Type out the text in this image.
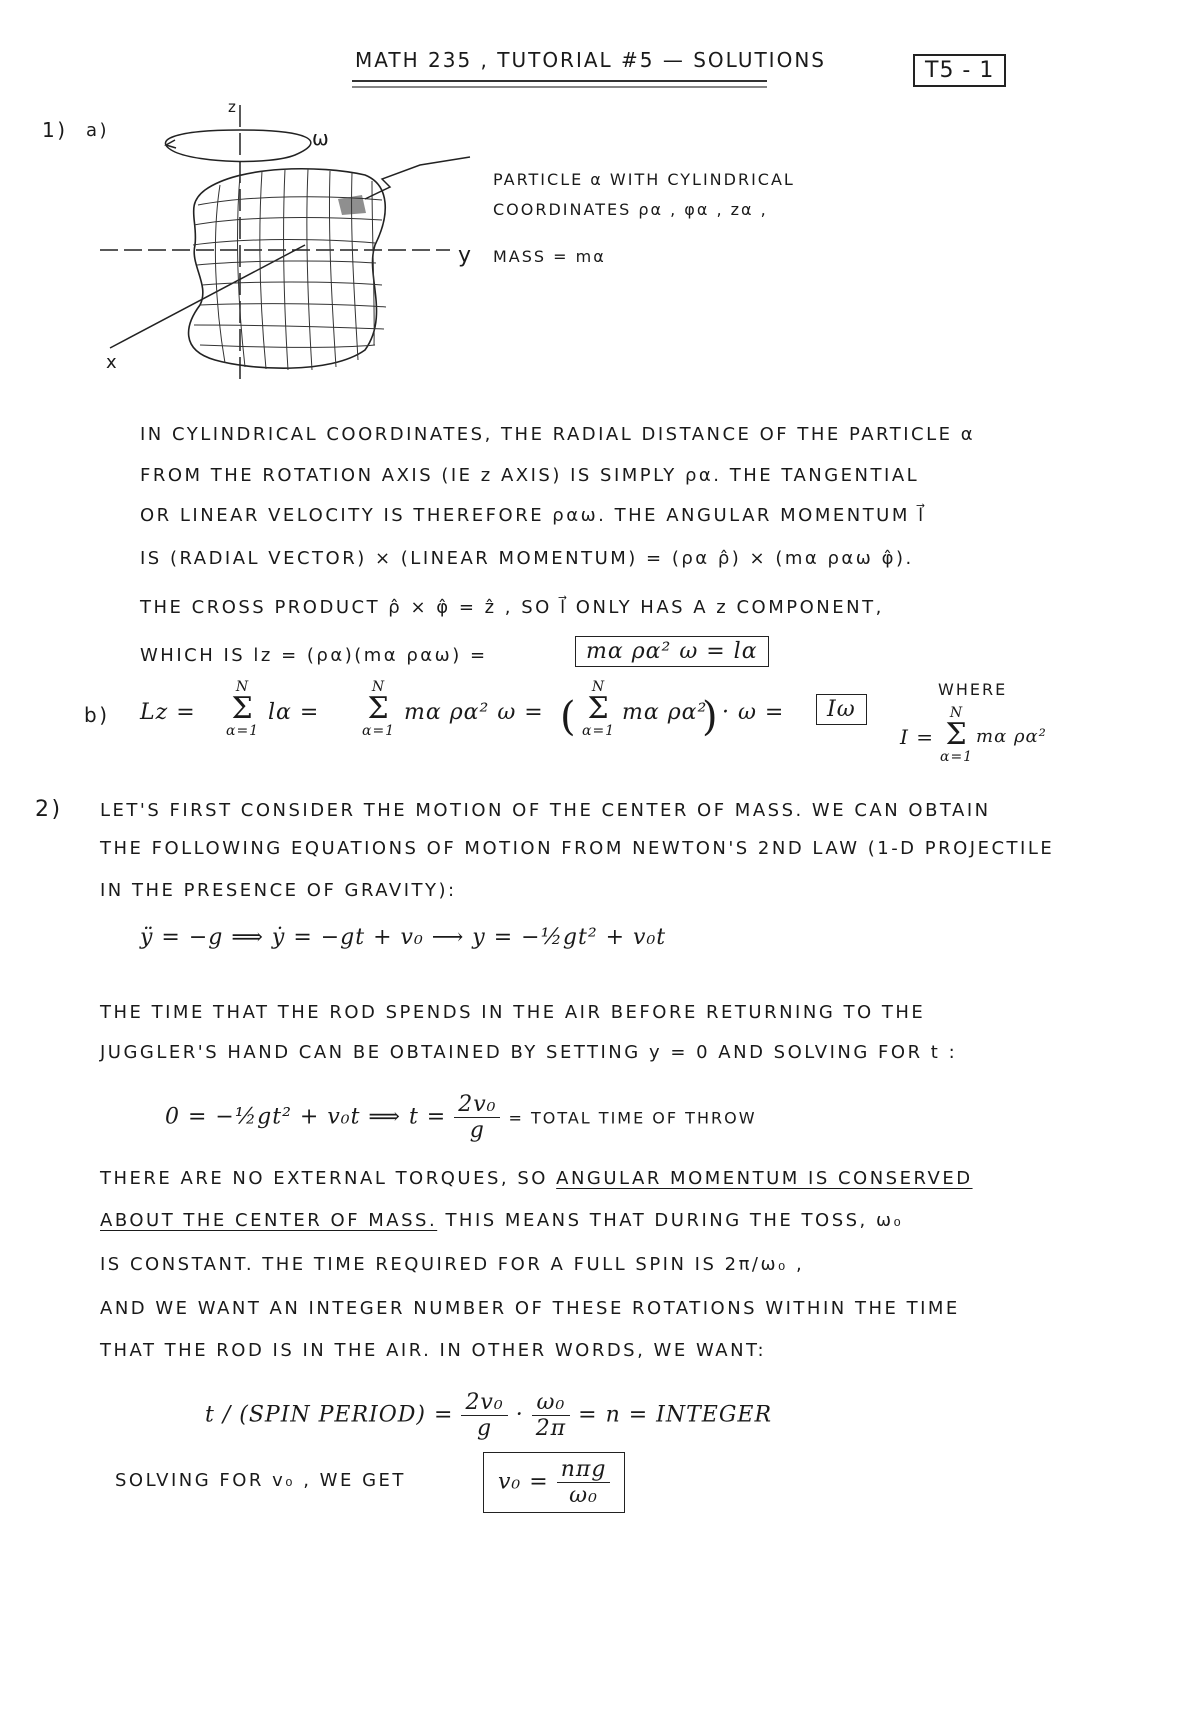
MATH 235 , TUTORIAL #5 — SOLUTIONS	T5 - 1
1) a)
z
ω
y
x
PARTICLE α WITH CYLINDRICAL
COORDINATES ρα , φα , zα ,
MASS = mα
IN CYLINDRICAL COORDINATES, THE RADIAL DISTANCE OF THE PARTICLE α
FROM THE ROTATION AXIS (IE z AXIS) IS SIMPLY ρα. THE TANGENTIAL
OR LINEAR VELOCITY IS THEREFORE ραω. THE ANGULAR MOMENTUM l⃗
IS (RADIAL VECTOR) × (LINEAR MOMENTUM) = (ρα ρ̂) × (mα ραω φ̂).
THE CROSS PRODUCT ρ̂ × φ̂ = ẑ , SO l⃗ ONLY HAS A z COMPONENT,
WHICH IS lz = (ρα)(mα ραω) =	mα ρα² ω = lα
b) Lz =
N
Σ
α=1
lα =
N
Σ
α=1
mα ρα² ω = (
N
Σ
α=1
mα ρα²
) · ω =	Iω
WHERE
I =
N
Σ
α=1
mα ρα²
2) LET'S FIRST CONSIDER THE MOTION OF THE CENTER OF MASS. WE CAN OBTAIN
THE FOLLOWING EQUATIONS OF MOTION FROM NEWTON'S 2ND LAW (1-D PROJECTILE
IN THE PRESENCE OF GRAVITY):
ÿ = −g ⟹ ẏ = −gt + v₀ ⟶ y = −½gt² + v₀t
THE TIME THAT THE ROD SPENDS IN THE AIR BEFORE RETURNING TO THE
JUGGLER'S HAND CAN BE OBTAINED BY SETTING y = 0 AND SOLVING FOR t :
0 = −½gt² + v₀t ⟹ $t = \frac{\text{2v₀}}{g}$ = TOTAL TIME OF THROW
THERE ARE NO EXTERNAL TORQUES, SO ANGULAR MOMENTUM IS CONSERVED
ABOUT THE CENTER OF MASS. THIS MEANS THAT DURING THE TOSS, ω₀
IS CONSTANT. THE TIME REQUIRED FOR A FULL SPIN IS 2π/ω₀ ,
AND WE WANT AN INTEGER NUMBER OF THESE ROTATIONS WITHIN THE TIME
THAT THE ROD IS IN THE AIR. IN OTHER WORDS, WE WANT:
t / (SPIN PERIOD) = $\frac{\text{2v₀}}{g} \cdot \frac{\text{ω₀}}{2\pi} = n$ = INTEGER
SOLVING FOR v₀ , WE GET	$v_0 = \frac{\text{nπg}}{\text{ω₀}}$
